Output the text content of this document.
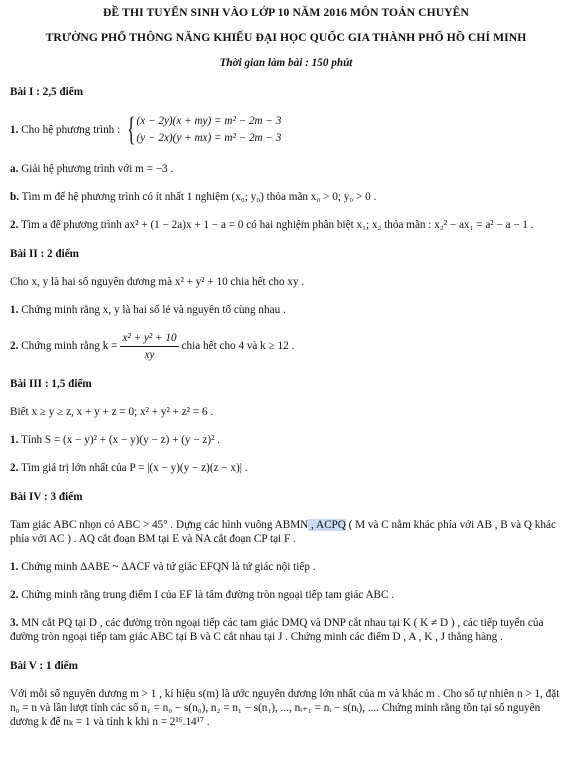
ĐỀ THI TUYỂN SINH VÀO LỚP 10 NĂM 2016 MÔN TOÁN CHUYÊN
TRƯỜNG PHỔ THÔNG NĂNG KHIẾU ĐẠI HỌC QUỐC GIA THÀNH PHỐ HỒ CHÍ MINH
Thời gian làm bài : 150 phút
Bài I : 2,5 điểm
1.
Cho hệ phương trình : { (x − 2y)(x + my) = m² − 2m − 3
(y − 2x)(y + mx) = m² − 2m − 3
a. Giải hệ phương trình với m = −3 .
b. Tìm m để hệ phương trình có ít nhất 1 nghiệm (x₀; y₀) thỏa mãn x₀ > 0; y₀ > 0 .
2. Tìm a để phương trình ax² + (1 − 2a)x + 1 − a = 0 có hai nghiệm phân biệt x₁; x₂ thỏa mãn : x₂² − ax₁ = a² − a − 1 .
Bài II : 2 điểm
Cho x, y là hai số nguyên dương mà x² + y² + 10 chia hết cho xy .
1. Chứng minh rằng x, y là hai số lẻ và nguyên tố cùng nhau .
2.
Chứng minh rằng $k = \frac{\text{x² + y² + 10}}{xy}$ chia hết cho 4 và k ≥ 12 .
Bài III : 1,5 điểm
Biết x ≥ y ≥ z, x + y + z = 0; x² + y² + z² = 6 .
1. Tính S = (x − y)² + (x − y)(y − z) + (y − z)² .
2. Tìm giá trị lớn nhất của P = |(x − y)(y − z)(z − x)| .
Bài IV : 3 điểm
Tam giác ABC nhọn có ABC > 45° . Dựng các hình vuông ABMN , ACPQ ( M và C nằm khác phía với AB , B và Q khác phía với AC ) . AQ cắt đoạn BM tại E và NA cắt đoạn CP tại F .
1. Chứng minh ΔABE ~ ΔACF và tứ giác EFQN là tứ giác nội tiếp .
2. Chứng minh rằng trung điểm I của EF là tâm đường tròn ngoại tiếp tam giác ABC .
3. MN cắt PQ tại D , các đường tròn ngoại tiếp các tam giác DMQ và DNP cắt nhau tại K ( K ≠ D ) , các tiếp tuyến của đường tròn ngoại tiếp tam giác ABC tại B và C cắt nhau tại J . Chứng minh các điểm D , A , K , J thẳng hàng .
Bài V : 1 điểm
Với mỗi số nguyên dương m > 1 , kí hiệu s(m) là ước nguyên dương lớn nhất của m và khác m . Cho số tự nhiên n > 1, đặt n₀ = n và lần lượt tính các số n₁ = n₀ − s(n₀), n₂ = n₁ − s(n₁), ..., nᵢ₊₁ = nᵢ − s(nᵢ), .... Chứng minh rằng tồn tại số nguyên dương k để nₖ = 1 và tính k khi n = 2¹⁶.14¹⁷ .
